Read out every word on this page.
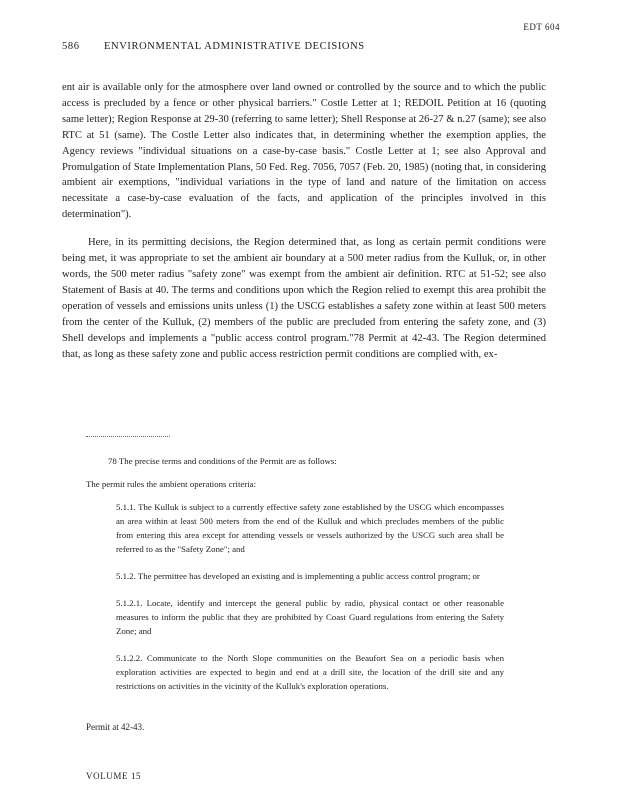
EDT 604
586 ENVIRONMENTAL ADMINISTRATIVE DECISIONS

ent air is available only for the atmosphere over land owned or controlled by the source and to which the public access is precluded by a fence or other physical barriers." Costle Letter at 1; REDOIL Petition at 16 (quoting same letter); Region Response at 29-30 (referring to same letter); Shell Response at 26-27 & n.27 (same); see also RTC at 51 (same). The Costle Letter also indicates that, in determining whether the exemption applies, the Agency reviews "individual situations on a case-by-case basis." Costle Letter at 1; see also Approval and Promulgation of State Implementation Plans, 50 Fed. Reg. 7056, 7057 (Feb. 20, 1985) (noting that, in considering ambient air exemptions, "individual variations in the type of land and nature of the limitation on access necessitate a case-by-case evaluation of the facts, and application of the principles involved in this determination").

Here, in its permitting decisions, the Region determined that, as long as certain permit conditions were being met, it was appropriate to set the ambient air boundary at a 500 meter radius from the Kulluk, or, in other words, the 500 meter radius "safety zone" was exempt from the ambient air definition. RTC at 51-52; see also Statement of Basis at 40. The terms and conditions upon which the Region relied to exempt this area prohibit the operation of vessels and emissions units unless (1) the USCG establishes a safety zone within at least 500 meters from the center of the Kulluk, (2) members of the public are precluded from entering the safety zone, and (3) Shell develops and implements a "public access control program."78 Permit at 42-43. The Region determined that, as long as these safety zone and public access restriction permit conditions are complied with, ex-

78 The precise terms and conditions of the Permit are as follows:

The permit rules the ambient operations criteria:

5.1.1. The Kulluk is subject to a currently effective safety zone established by the USCG which encompasses an area within at least 500 meters from the end of the Kulluk and which precludes members of the public from entering this area except for attending vessels or vessels authorized by the USCG such area shall be referred to as the "Safety Zone"; and

5.1.2. The permittee has developed an existing and is implementing a public access control program; or

5.1.2.1. Locate, identify and intercept the general public by radio, physical contact or other reasonable measures to inform the public that they are prohibited by Coast Guard regulations from entering the Safety Zone; and

5.1.2.2. Communicate to the North Slope communities on the Beaufort Sea on a periodic basis when exploration activities are expected to begin and end at a drill site, the location of the drill site and any restrictions on activities in the vicinity of the Kulluk's exploration operations.

Permit at 42-43.
VOLUME 15
